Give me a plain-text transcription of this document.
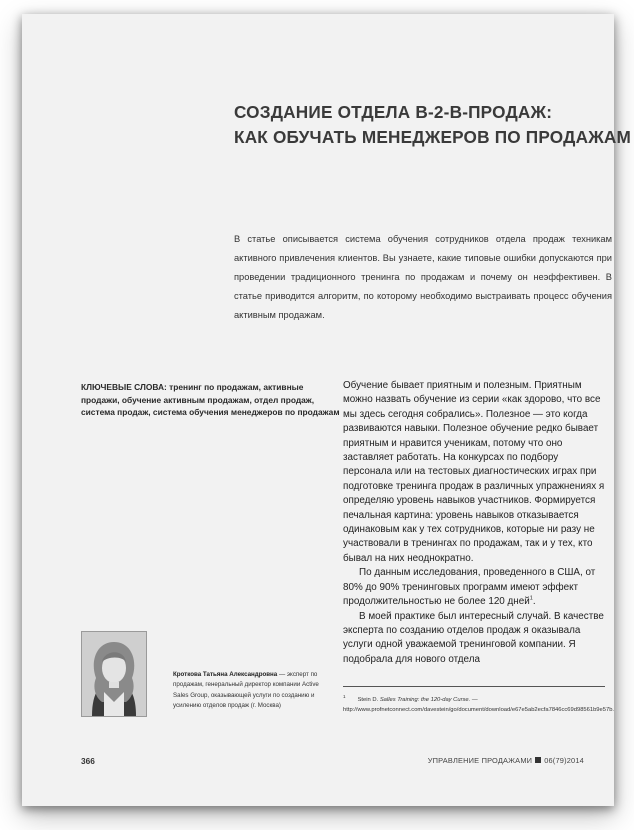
СОЗДАНИЕ ОТДЕЛА В-2-В-ПРОДАЖ:
КАК ОБУЧАТЬ МЕНЕДЖЕРОВ ПО ПРОДАЖАМ

В статье описывается система обучения сотрудников отдела продаж техникам активного привлечения клиентов. Вы узнаете, какие типовые ошибки допускаются при проведении традиционного тренинга по продажам и почему он неэффективен. В статье приводится алгоритм, по которому необходимо выстраивать процесс обучения активным продажам.

КЛЮЧЕВЫЕ СЛОВА: тренинг по продажам, активные продажи, обучение активным продажам, отдел продаж, система продаж, система обучения менеджеров по продажам

Обучение бывает приятным и полезным. Приятным можно назвать обучение из серии «как здорово, что все мы здесь сегодня собрались». Полезное — это когда развиваются навыки. Полезное обучение редко бывает приятным и нравится ученикам, потому что оно заставляет работать. На конкурсах по подбору персонала или на тестовых диагностических играх при подготовке тренинга продаж в различных упражнениях я определяю уровень навыков участников. Формируется печальная картина: уровень навыков отказывается одинаковым как у тех сотрудников, которые ни разу не участвовали в тренингах по продажам, так и у тех, кто бывал на них неоднократно.

По данным исследования, проведенного в США, от 80% до 90% тренинговых программ имеют эффект продолжительностью не более 120 дней$^1$.

В моей практике был интересный случай. В качестве эксперта по созданию отделов продаж я оказывала услуги одной уважаемой тренинговой компании. Я подобрала для нового отдела

$^1$Stein D. Salles Training: the 120-day Curse. — http://www.profnetconnect.com/davestein/go/document/download/e67e5ab2ecfa7846cc69d98561b9e57b.
Кроткова Татьяна Александровна — эксперт по продажам, генеральный директор компании Active Sales Group, оказывающей услуги по созданию и усилению отделов продаж (г. Москва)
366	УПРАВЛЕНИЕ ПРОДАЖАМИ 06(79)2014
